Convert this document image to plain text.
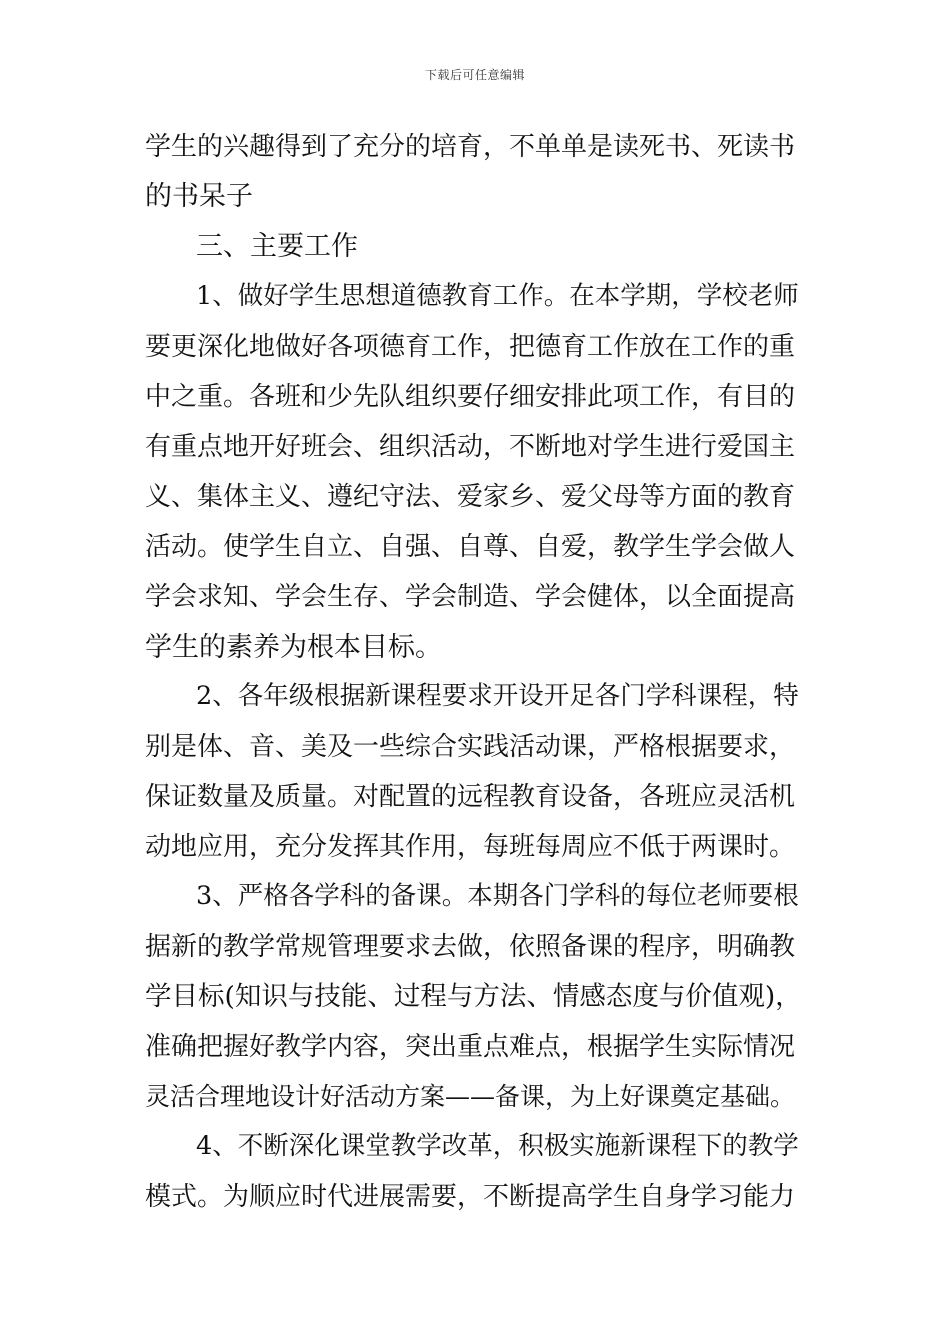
下载后可任意编辑
学生的兴趣得到了充分的培育，不单单是读死书、死读书
的书呆子
三、主要工作
1、做好学生思想道德教育工作。在本学期，学校老师
要更深化地做好各项德育工作，把德育工作放在工作的重
中之重。各班和少先队组织要仔细安排此项工作，有目的
有重点地开好班会、组织活动，不断地对学生进行爱国主
义、集体主义、遵纪守法、爱家乡、爱父母等方面的教育
活动。使学生自立、自强、自尊、自爱，教学生学会做人
学会求知、学会生存、学会制造、学会健体，以全面提高
学生的素养为根本目标。
2、各年级根据新课程要求开设开足各门学科课程，特
别是体、音、美及一些综合实践活动课，严格根据要求，
保证数量及质量。对配置的远程教育设备，各班应灵活机
动地应用，充分发挥其作用，每班每周应不低于两课时。
3、严格各学科的备课。本期各门学科的每位老师要根
据新的教学常规管理要求去做，依照备课的程序，明确教
学目标(知识与技能、过程与方法、情感态度与价值观)，
准确把握好教学内容，突出重点难点，根据学生实际情况
灵活合理地设计好活动方案——备课，为上好课奠定基础。
4、不断深化课堂教学改革，积极实施新课程下的教学
模式。为顺应时代进展需要，不断提高学生自身学习能力
